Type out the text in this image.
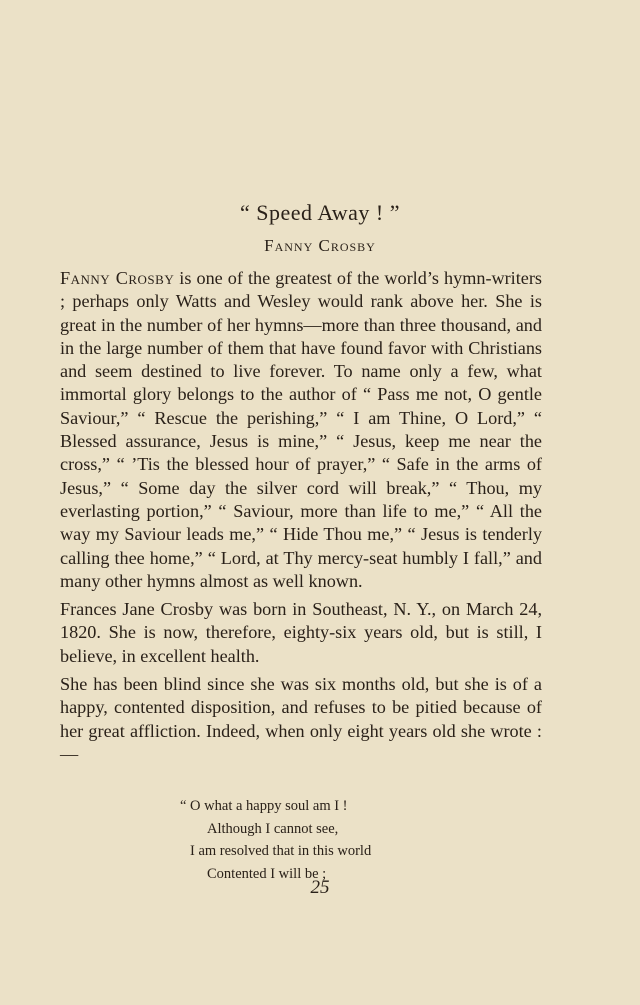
“ Speed Away ! ”
Fanny Crosby

Fanny Crosby is one of the greatest of the world’s hymn-writers ; perhaps only Watts and Wesley would rank above her. She is great in the number of her hymns—more than three thousand, and in the large number of them that have found favor with Christians and seem destined to live forever. To name only a few, what immortal glory belongs to the author of “ Pass me not, O gentle Saviour,” “ Rescue the perishing,” “ I am Thine, O Lord,” “ Blessed assurance, Jesus is mine,” “ Jesus, keep me near the cross,” “ ’Tis the blessed hour of prayer,” “ Safe in the arms of Jesus,” “ Some day the silver cord will break,” “ Thou, my everlasting portion,” “ Saviour, more than life to me,” “ All the way my Saviour leads me,” “ Hide Thou me,” “ Jesus is tenderly calling thee home,” “ Lord, at Thy mercy-seat humbly I fall,” and many other hymns almost as well known.

Frances Jane Crosby was born in Southeast, N. Y., on March 24, 1820. She is now, therefore, eighty-six years old, but is still, I believe, in excellent health.

She has been blind since she was six months old, but she is of a happy, contented disposition, and refuses to be pitied because of her great affliction. Indeed, when only eight years old she wrote :—

“ O what a happy soul am I !
Although I cannot see,
I am resolved that in this world
Contented I will be ;
25
